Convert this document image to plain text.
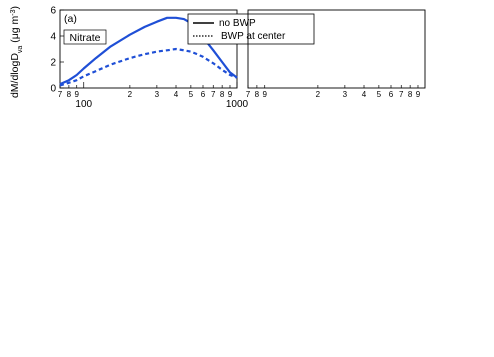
7 8 9	2	3 4 5 6 7 8 9
100	1000
0
2
4
6
(a)
Nitrate
dM/dlogD$_{va}$ (μg $m^{-3}$)
no BWP
BWP at center
7 8 9	2	3 4 5 6 7 8 9
